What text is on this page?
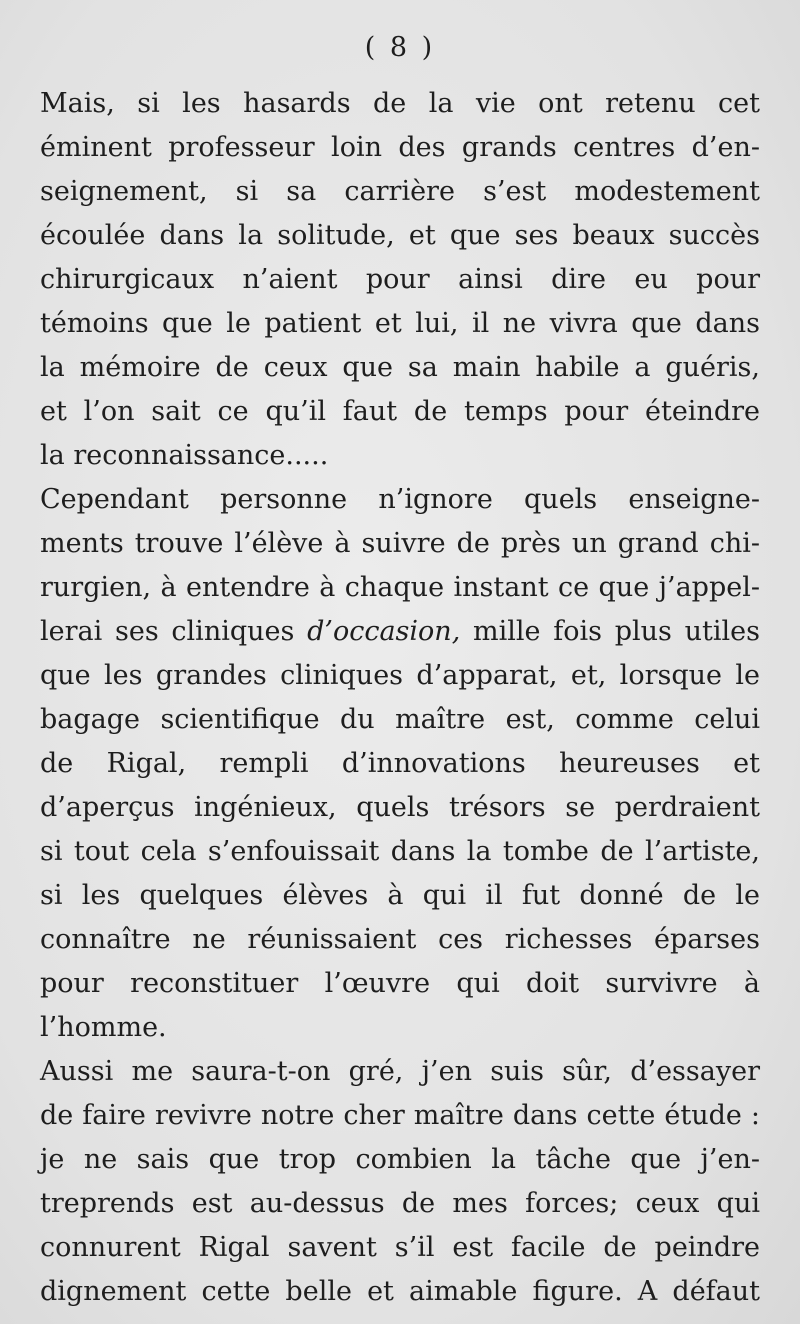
( 8 )
Mais, si les hasards de la vie ont retenu cet
éminent professeur loin des grands centres d’en-
seignement, si sa carrière s’est modestement
écoulée dans la solitude, et que ses beaux succès
chirurgicaux n’aient pour ainsi dire eu pour
témoins que le patient et lui, il ne vivra que dans
la mémoire de ceux que sa main habile a guéris,
et l’on sait ce qu’il faut de temps pour éteindre
la reconnaissance.....
Cependant personne n’ignore quels enseigne-
ments trouve l’élève à suivre de près un grand chi-
rurgien, à entendre à chaque instant ce que j’appel-
lerai ses cliniques d’occasion, mille fois plus utiles
que les grandes cliniques d’apparat, et, lorsque le
bagage scientifique du maître est, comme celui
de Rigal, rempli d’innovations heureuses et
d’aperçus ingénieux, quels trésors se perdraient
si tout cela s’enfouissait dans la tombe de l’artiste,
si les quelques élèves à qui il fut donné de le
connaître ne réunissaient ces richesses éparses
pour reconstituer l’œuvre qui doit survivre à
l’homme.
Aussi me saura-t-on gré, j’en suis sûr, d’essayer
de faire revivre notre cher maître dans cette étude :
je ne sais que trop combien la tâche que j’en-
treprends est au-dessus de mes forces; ceux qui
connurent Rigal savent s’il est facile de peindre
dignement cette belle et aimable figure. A défaut
